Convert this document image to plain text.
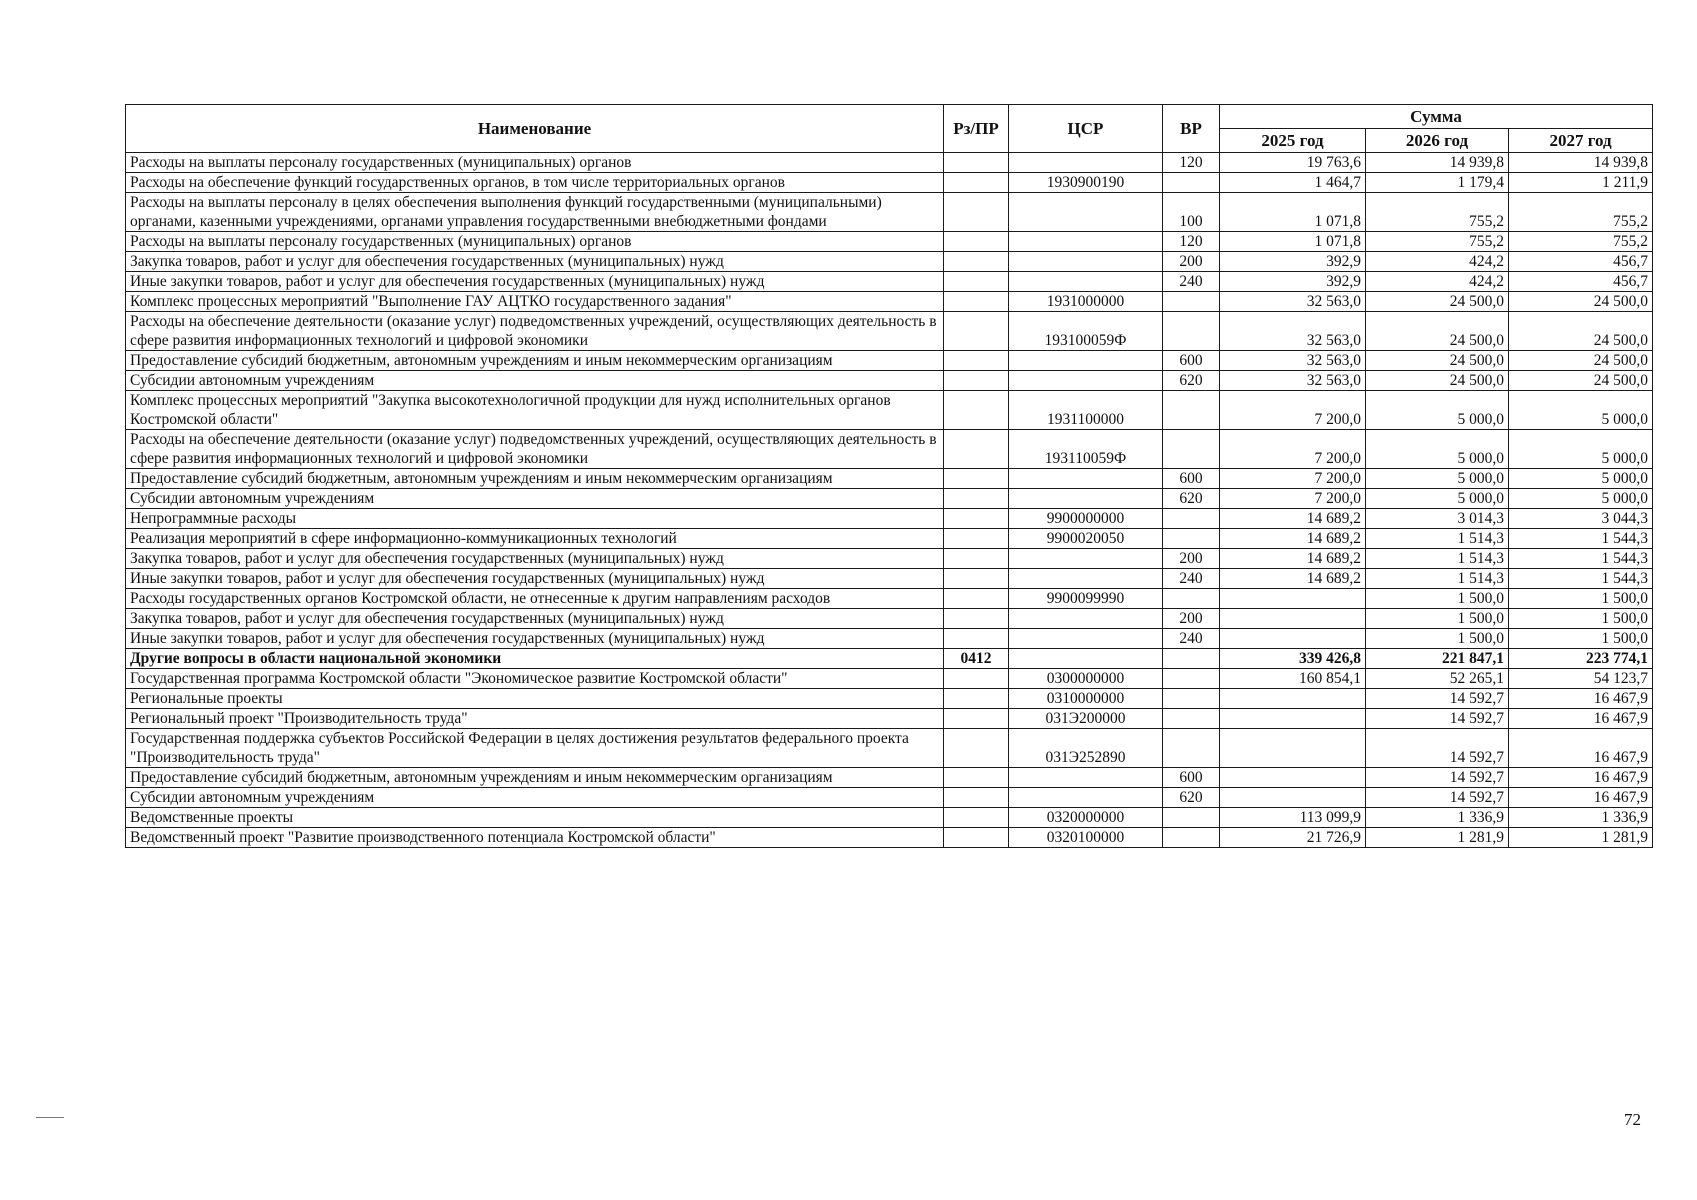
Наименование	Рз/ПР	ЦСР	ВР	Сумма		
				2025 год	2026 год	2027 год
Расходы на выплаты персоналу государственных (муниципальных) органов			120	19 763,6	14 939,8	14 939,8
Расходы на обеспечение функций государственных органов, в том числе территориальных органов		1930900190		1 464,7	1 179,4	1 211,9
Расходы на выплаты персоналу в целях обеспечения выполнения функций государственными (муниципальными) органами, казенными учреждениями, органами управления государственными внебюджетными фондами			100	1 071,8	755,2	755,2
Расходы на выплаты персоналу государственных (муниципальных) органов			120	1 071,8	755,2	755,2
Закупка товаров, работ и услуг для обеспечения государственных (муниципальных) нужд			200	392,9	424,2	456,7
Иные закупки товаров, работ и услуг для обеспечения государственных (муниципальных) нужд			240	392,9	424,2	456,7
Комплекс процессных мероприятий "Выполнение ГАУ АЦТКО государственного задания"		1931000000		32 563,0	24 500,0	24 500,0
Расходы на обеспечение деятельности (оказание услуг) подведомственных учреждений, осуществляющих деятельность в сфере развития информационных технологий и цифровой экономики		193100059Ф		32 563,0	24 500,0	24 500,0
Предоставление субсидий бюджетным, автономным учреждениям и иным некоммерческим организациям			600	32 563,0	24 500,0	24 500,0
Субсидии автономным учреждениям			620	32 563,0	24 500,0	24 500,0
Комплекс процессных мероприятий "Закупка высокотехнологичной продукции для нужд исполнительных органов Костромской области"		1931100000		7 200,0	5 000,0	5 000,0
Расходы на обеспечение деятельности (оказание услуг) подведомственных учреждений, осуществляющих деятельность в сфере развития информационных технологий и цифровой экономики		193110059Ф		7 200,0	5 000,0	5 000,0
Предоставление субсидий бюджетным, автономным учреждениям и иным некоммерческим организациям			600	7 200,0	5 000,0	5 000,0
Субсидии автономным учреждениям			620	7 200,0	5 000,0	5 000,0
Непрограммные расходы		9900000000		14 689,2	3 014,3	3 044,3
Реализация мероприятий в сфере информационно-коммуникационных технологий		9900020050		14 689,2	1 514,3	1 544,3
Закупка товаров, работ и услуг для обеспечения государственных (муниципальных) нужд			200	14 689,2	1 514,3	1 544,3
Иные закупки товаров, работ и услуг для обеспечения государственных (муниципальных) нужд			240	14 689,2	1 514,3	1 544,3
Расходы государственных органов Костромской области, не отнесенные к другим направлениям расходов		9900099990			1 500,0	1 500,0
Закупка товаров, работ и услуг для обеспечения государственных (муниципальных) нужд			200		1 500,0	1 500,0
Иные закупки товаров, работ и услуг для обеспечения государственных (муниципальных) нужд			240		1 500,0	1 500,0
Другие вопросы в области национальной экономики	0412			339 426,8	221 847,1	223 774,1
Государственная программа Костромской области "Экономическое развитие Костромской области"		0300000000		160 854,1	52 265,1	54 123,7
Региональные проекты		0310000000			14 592,7	16 467,9
Региональный проект "Производительность труда"		031Э200000			14 592,7	16 467,9
Государственная поддержка субъектов Российской Федерации в целях достижения результатов федерального проекта "Производительность труда"		031Э252890			14 592,7	16 467,9
Предоставление субсидий бюджетным, автономным учреждениям и иным некоммерческим организациям			600		14 592,7	16 467,9
Субсидии автономным учреждениям			620		14 592,7	16 467,9
Ведомственные проекты		0320000000		113 099,9	1 336,9	1 336,9
Ведомственный проект "Развитие производственного потенциала Костромской области"		0320100000		21 726,9	1 281,9	1 281,9
72
